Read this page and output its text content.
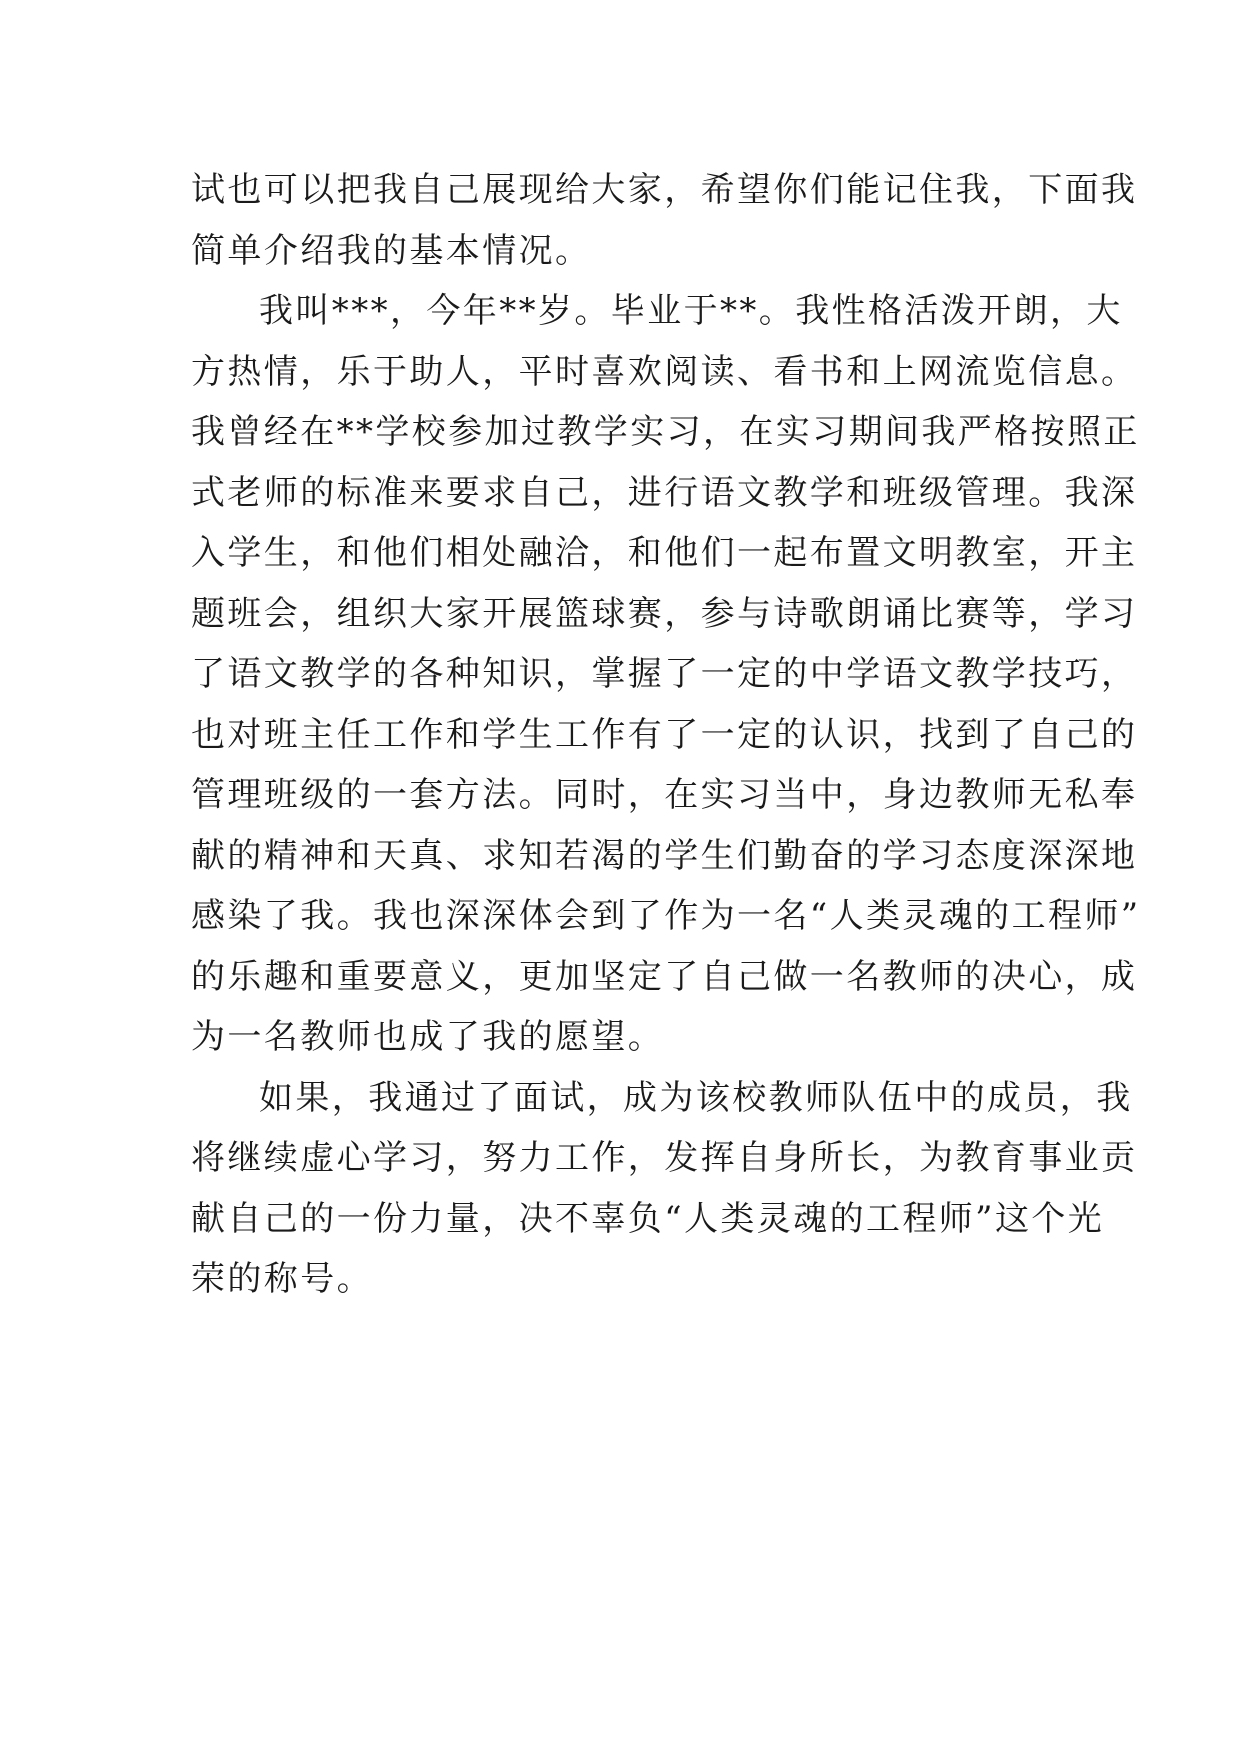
试也可以把我自己展现给大家，希望你们能记住我，下面我
简单介绍我的基本情况。
我叫***，今年**岁。毕业于**。我性格活泼开朗，大
方热情，乐于助人，平时喜欢阅读、看书和上网流览信息。
我曾经在**学校参加过教学实习，在实习期间我严格按照正
式老师的标准来要求自己，进行语文教学和班级管理。我深
入学生，和他们相处融洽，和他们一起布置文明教室，开主
题班会，组织大家开展篮球赛，参与诗歌朗诵比赛等，学习
了语文教学的各种知识，掌握了一定的中学语文教学技巧，
也对班主任工作和学生工作有了一定的认识，找到了自己的
管理班级的一套方法。同时，在实习当中，身边教师无私奉
献的精神和天真、求知若渴的学生们勤奋的学习态度深深地
感染了我。我也深深体会到了作为一名“人类灵魂的工程师”
的乐趣和重要意义，更加坚定了自己做一名教师的决心，成
为一名教师也成了我的愿望。
如果，我通过了面试，成为该校教师队伍中的成员，我
将继续虚心学习，努力工作，发挥自身所长，为教育事业贡
献自己的一份力量，决不辜负“人类灵魂的工程师”这个光
荣的称号。
